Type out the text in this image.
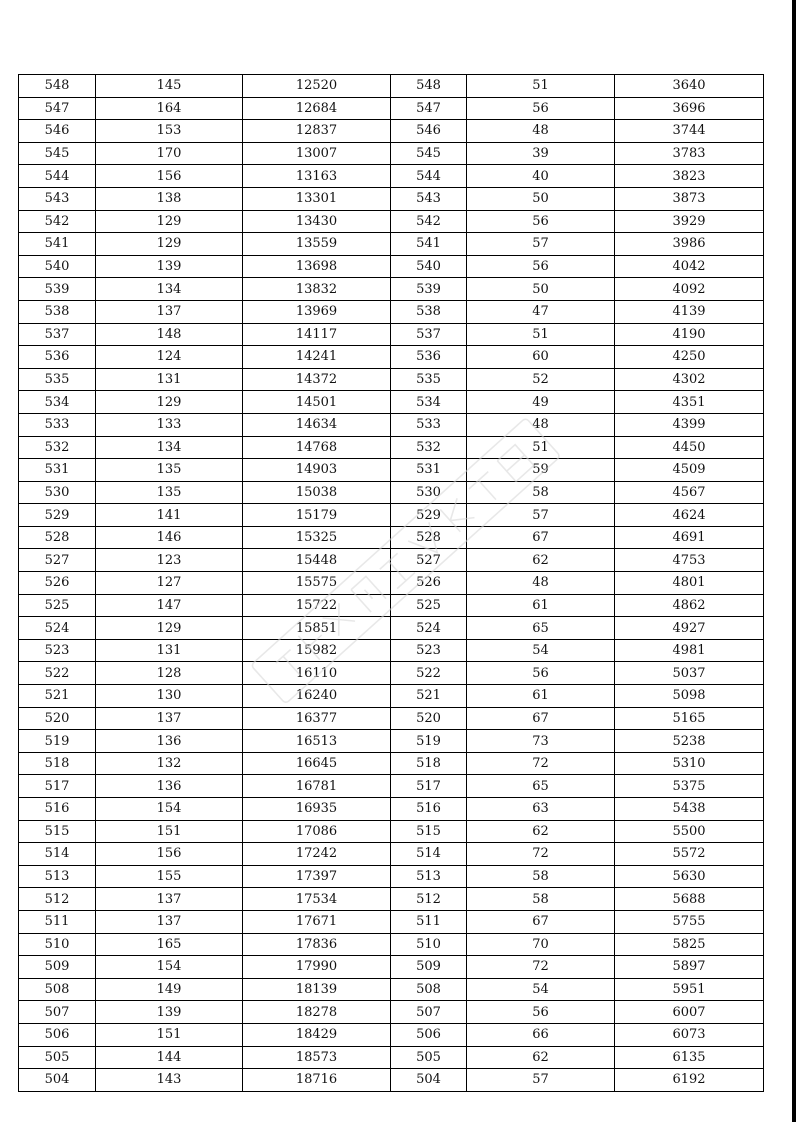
548	145	12520	548	51	3640
547	164	12684	547	56	3696
546	153	12837	546	48	3744
545	170	13007	545	39	3783
544	156	13163	544	40	3823
543	138	13301	543	50	3873
542	129	13430	542	56	3929
541	129	13559	541	57	3986
540	139	13698	540	56	4042
539	134	13832	539	50	4092
538	137	13969	538	47	4139
537	148	14117	537	51	4190
536	124	14241	536	60	4250
535	131	14372	535	52	4302
534	129	14501	534	49	4351
533	133	14634	533	48	4399
532	134	14768	532	51	4450
531	135	14903	531	59	4509
530	135	15038	530	58	4567
529	141	15179	529	57	4624
528	146	15325	528	67	4691
527	123	15448	527	62	4753
526	127	15575	526	48	4801
525	147	15722	525	61	4862
524	129	15851	524	65	4927
523	131	15982	523	54	4981
522	128	16110	522	56	5037
521	130	16240	521	61	5098
520	137	16377	520	67	5165
519	136	16513	519	73	5238
518	132	16645	518	72	5310
517	136	16781	517	65	5375
516	154	16935	516	63	5438
515	151	17086	515	62	5500
514	156	17242	514	72	5572
513	155	17397	513	58	5630
512	137	17534	512	58	5688
511	137	17671	511	67	5755
510	165	17836	510	70	5825
509	154	17990	509	72	5897
508	149	18139	508	54	5951
507	139	18278	507	56	6007
506	151	18429	506	66	6073
505	144	18573	505	62	6135
504	143	18716	504	57	6192
